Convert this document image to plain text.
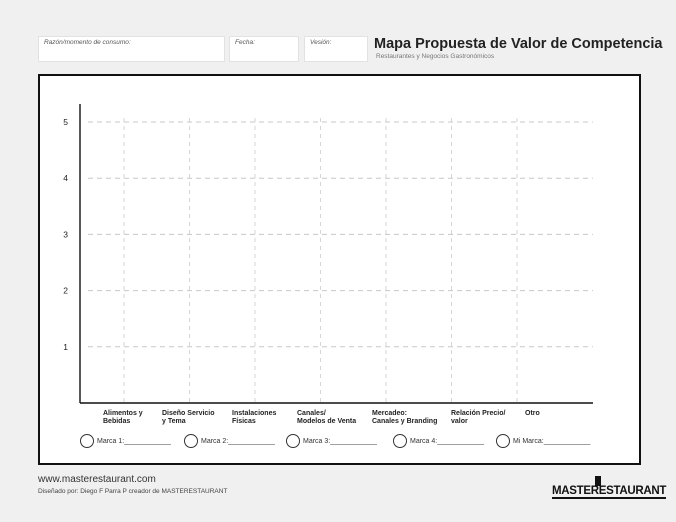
Razón/momento de consumo:	Fecha:	Vesión:	Mapa Propuesta de Valor de Competencia
Restaurantes y Negocios Gastronómicos
1
2
3
4
5
Alimentos y
Bebidas
Diseño Servicio
y Tema
Instalaciones
Físicas
Canales/
Modelos de Venta
Mercadeo:
Canales y Branding
Relación Precio/
valor
Otro
Marca 1:____________	Marca 2:____________	Marca 3:____________	Marca 4:____________	Mi Marca:____________
www.masterestaurant.com
Diseñado por: Diego F Parra P creador de MASTERESTAURANT	MASTERESTAURANT
